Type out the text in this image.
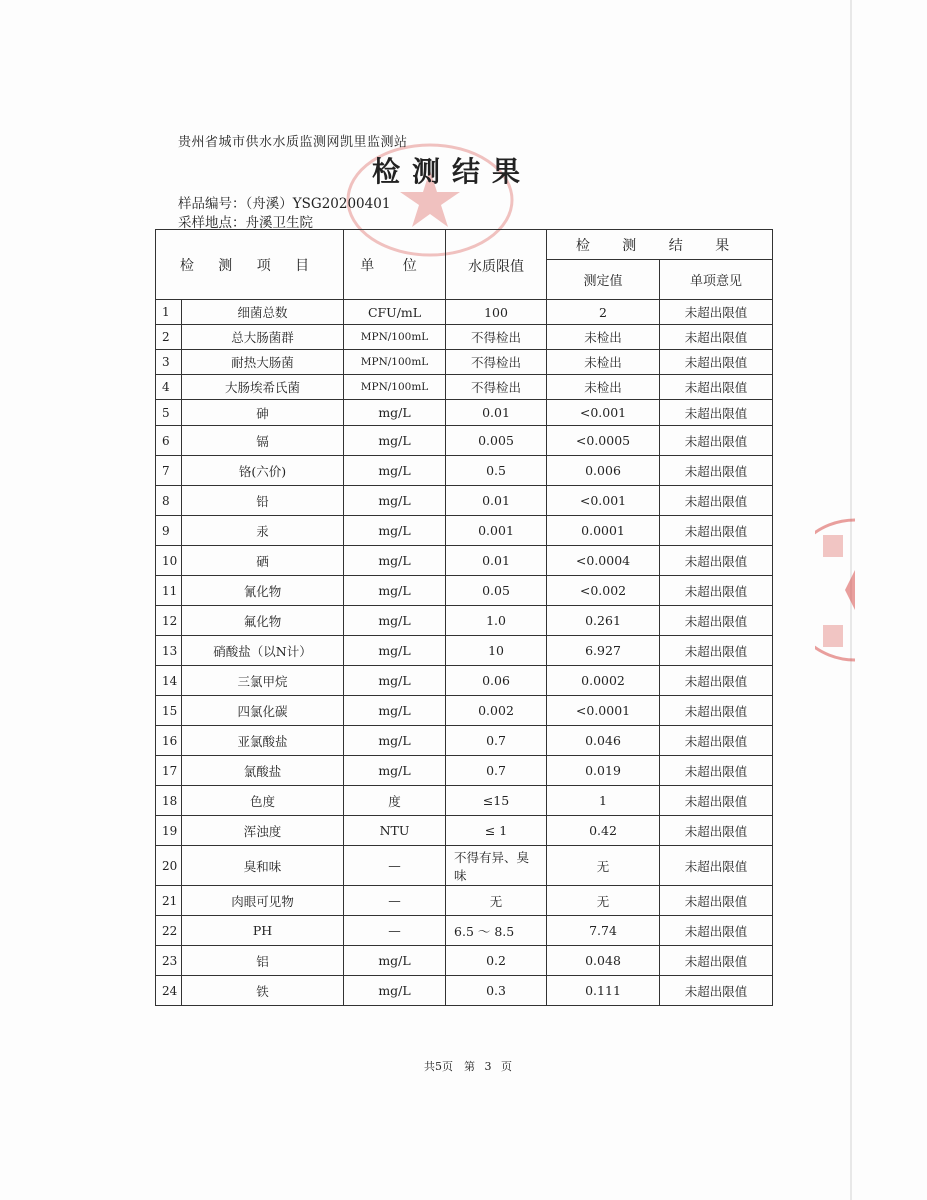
贵州省城市供水水质监测网凯里监测站
检测结果
样品编号：（舟溪）YSG20200401
采样地点：舟溪卫生院
检 测 项 目		单 位	水质限值	检 测 结 果	
				测定值	单项意见
1	细菌总数	CFU/mL	100	2	未超出限值
2	总大肠菌群	MPN/100mL	不得检出	未检出	未超出限值
3	耐热大肠菌	MPN/100mL	不得检出	未检出	未超出限值
4	大肠埃希氏菌	MPN/100mL	不得检出	未检出	未超出限值
5	砷	mg/L	0.01	<0.001	未超出限值
6	镉	mg/L	0.005	<0.0005	未超出限值
7	铬(六价)	mg/L	0.5	0.006	未超出限值
8	铅	mg/L	0.01	<0.001	未超出限值
9	汞	mg/L	0.001	0.0001	未超出限值
10	硒	mg/L	0.01	<0.0004	未超出限值
11	氰化物	mg/L	0.05	<0.002	未超出限值
12	氟化物	mg/L	1.0	0.261	未超出限值
13	硝酸盐（以N计）	mg/L	10	6.927	未超出限值
14	三氯甲烷	mg/L	0.06	0.0002	未超出限值
15	四氯化碳	mg/L	0.002	<0.0001	未超出限值
16	亚氯酸盐	mg/L	0.7	0.046	未超出限值
17	氯酸盐	mg/L	0.7	0.019	未超出限值
18	色度	度	≤15	1	未超出限值
19	浑浊度	NTU	≤ 1	0.42	未超出限值
20	臭和味	—	不得有异、臭味	无	未超出限值
21	肉眼可见物	—	无	无	未超出限值
22	PH	—	6.5 ～ 8.5	7.74	未超出限值
23	铝	mg/L	0.2	0.048	未超出限值
24	铁	mg/L	0.3	0.111	未超出限值
共5页　第 3 页
